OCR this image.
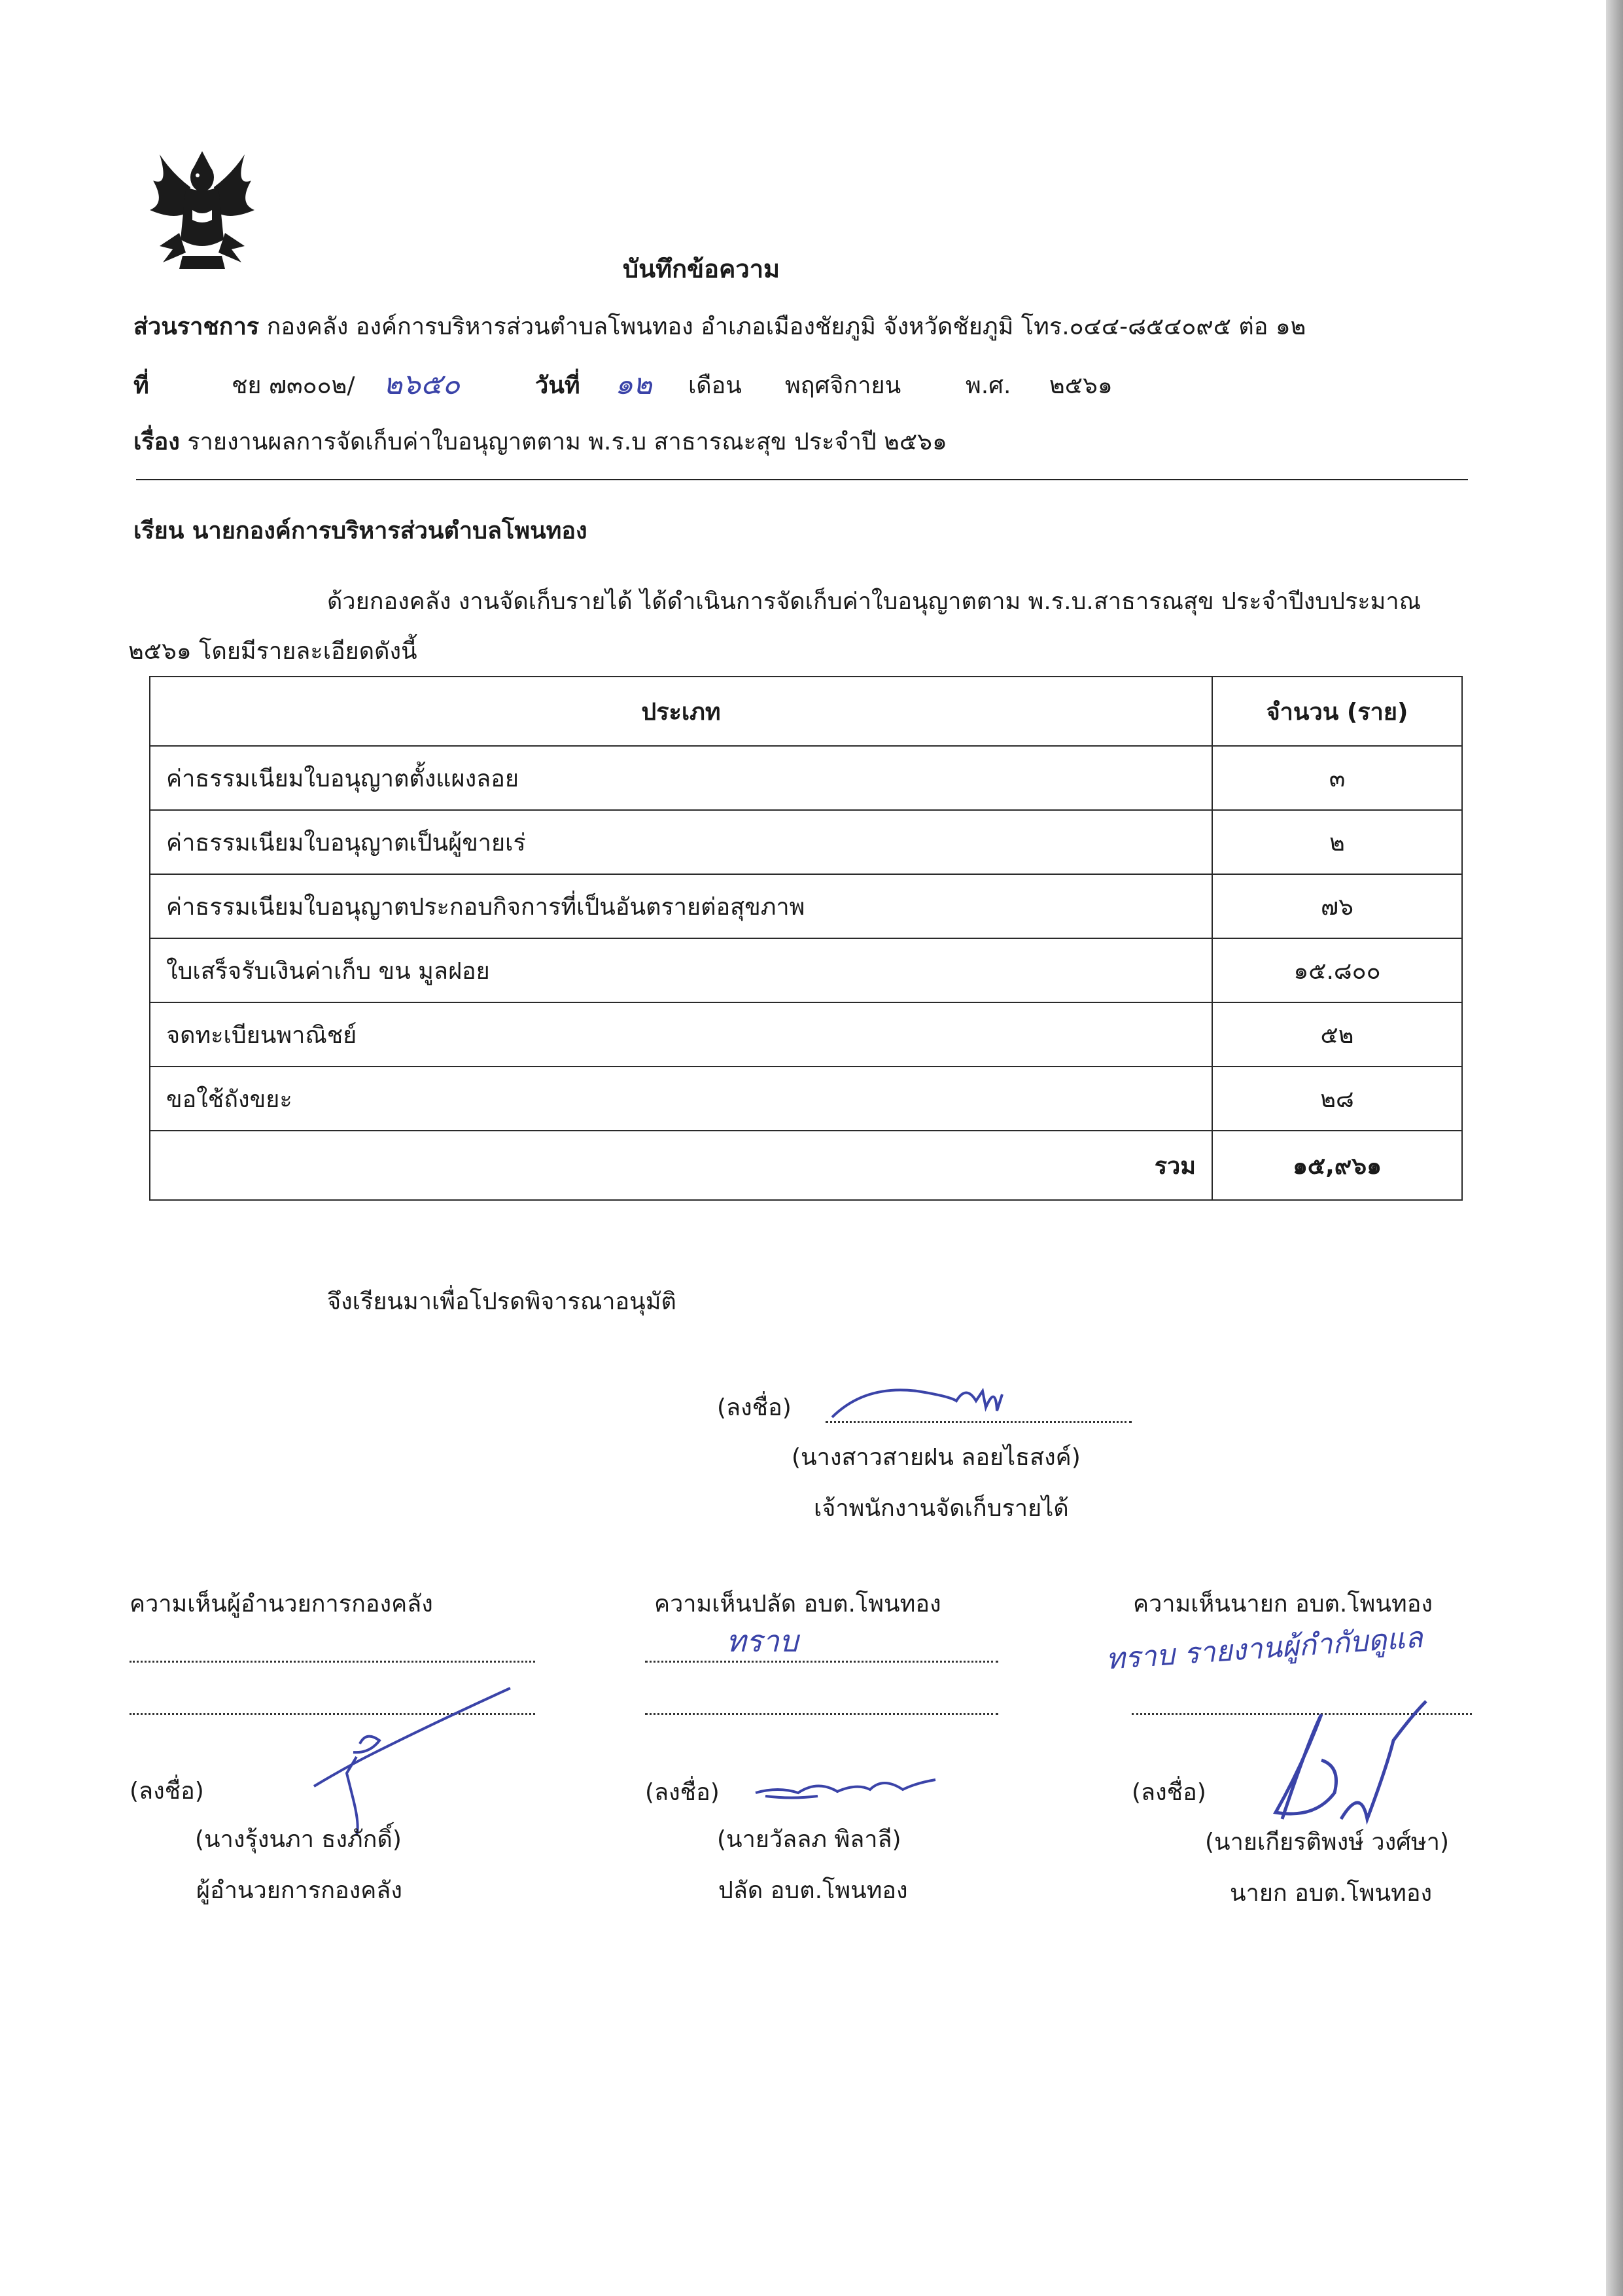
บันทึกข้อความ
ส่วนราชการ กองคลัง องค์การบริหารส่วนตำบลโพนทอง อำเภอเมืองชัยภูมิ จังหวัดชัยภูมิ โทร.๐๔๔-๘๕๔๐๙๕ ต่อ ๑๒
ที่	ชย ๗๓๐๐๒/ ๒๖๕๐	วันที่ ๑๒ เดือน พฤศจิกายน	พ.ศ. ๒๕๖๑
เรื่อง รายงานผลการจัดเก็บค่าใบอนุญาตตาม พ.ร.บ สาธารณะสุข ประจำปี ๒๕๖๑
เรียน นายกองค์การบริหารส่วนตำบลโพนทอง
ด้วยกองคลัง งานจัดเก็บรายได้ ได้ดำเนินการจัดเก็บค่าใบอนุญาตตาม พ.ร.บ.สาธารณสุข ประจำปีงบประมาณ
๒๕๖๑ โดยมีรายละเอียดดังนี้
ประเภท	จำนวน (ราย)
ค่าธรรมเนียมใบอนุญาตตั้งแผงลอย	๓
ค่าธรรมเนียมใบอนุญาตเป็นผู้ขายเร่	๒
ค่าธรรมเนียมใบอนุญาตประกอบกิจการที่เป็นอันตรายต่อสุขภาพ	๗๖
ใบเสร็จรับเงินค่าเก็บ ขน มูลฝอย	๑๕.๘๐๐
จดทะเบียนพาณิชย์	๕๒
ขอใช้ถังขยะ	๒๘
รวม	๑๕,๙๖๑
จึงเรียนมาเพื่อโปรดพิจารณาอนุมัติ
(ลงชื่อ)
(นางสาวสายฝน ลอยไธสงค์)
เจ้าพนักงานจัดเก็บรายได้
ความเห็นผู้อำนวยการกองคลัง
(ลงชื่อ)
(นางรุ้งนภา ธงภักดิ์)
ผู้อำนวยการกองคลัง
ความเห็นปลัด อบต.โพนทอง
ทราบ
(ลงชื่อ)
(นายวัลลภ พิลาลี)
ปลัด อบต.โพนทอง
ความเห็นนายก อบต.โพนทอง
ทราบ รายงานผู้กำกับดูแล
(ลงชื่อ)
(นายเกียรติพงษ์ วงศ์ษา)
นายก อบต.โพนทอง
